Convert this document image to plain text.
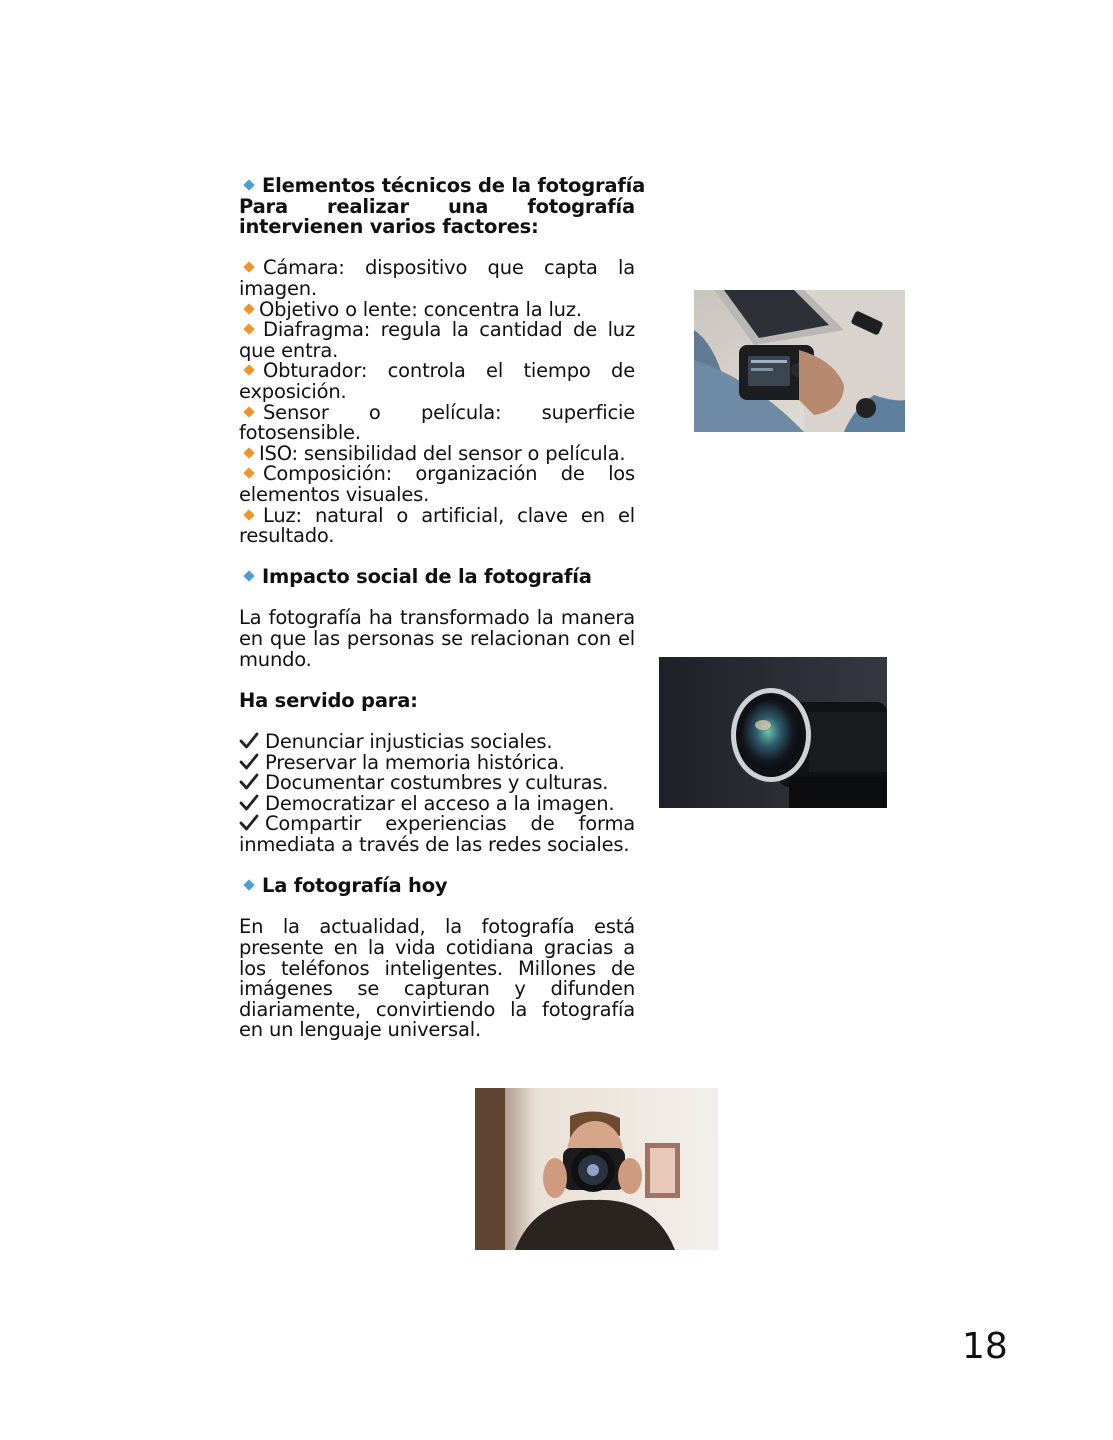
Elementos técnicos de la fotografía
Para realizar una fotografía
intervienen varios factores:
Cámara: dispositivo que capta la
imagen.
Objetivo o lente: concentra la luz.
Diafragma: regula la cantidad de luz
que entra.
Obturador: controla el tiempo de
exposición.
Sensor o película: superficie
fotosensible.
ISO: sensibilidad del sensor o película.
Composición: organización de los
elementos visuales.
Luz: natural o artificial, clave en el
resultado.
Impacto social de la fotografía
La fotografía ha transformado la manera
en que las personas se relacionan con el
mundo.
Ha servido para:
Denunciar injusticias sociales.
Preservar la memoria histórica.
Documentar costumbres y culturas.
Democratizar el acceso a la imagen.
Compartir experiencias de forma
inmediata a través de las redes sociales.
La fotografía hoy
En la actualidad, la fotografía está
presente en la vida cotidiana gracias a
los teléfonos inteligentes. Millones de
imágenes se capturan y difunden
diariamente, convirtiendo la fotografía
en un lenguaje universal.
18
